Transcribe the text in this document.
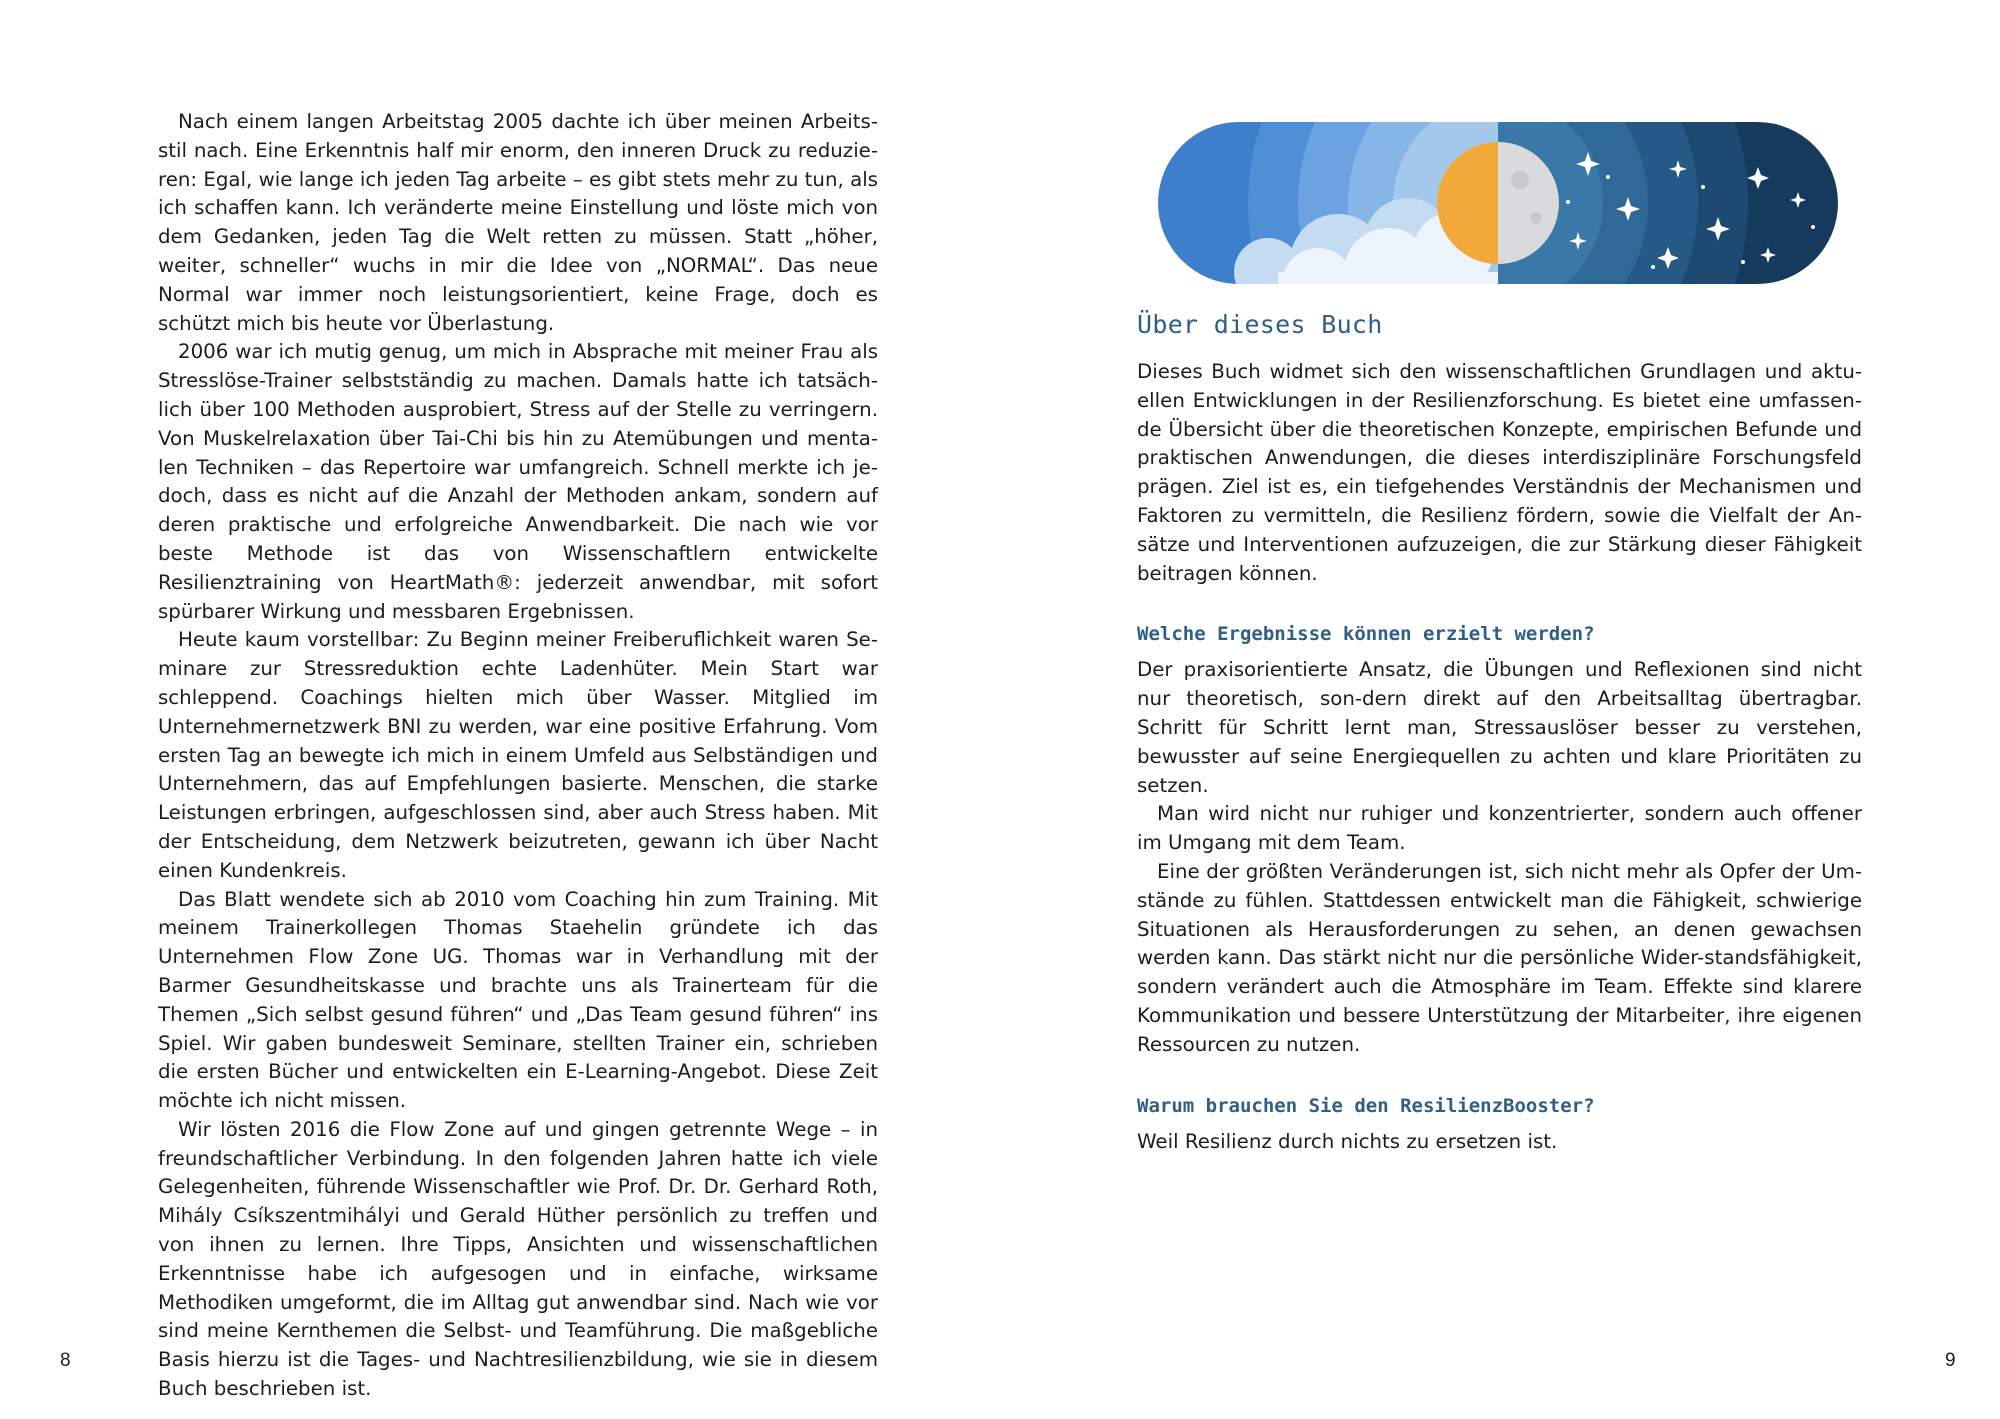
Nach einem langen Arbeitstag 2005 dachte ich über meinen Arbeitsstil nach. Eine Erkenntnis half mir enorm, den inneren Druck zu reduzieren: Egal, wie lange ich jeden Tag arbeite – es gibt stets mehr zu tun, als ich schaffen kann. Ich veränderte meine Einstellung und löste mich von dem Gedanken, jeden Tag die Welt retten zu müssen. Statt „höher, weiter, schneller“ wuchs in mir die Idee von „NORMAL“. Das neue Normal war immer noch leistungsorientiert, keine Frage, doch es schützt mich bis heute vor Überlastung.

2006 war ich mutig genug, um mich in Absprache mit meiner Frau als Stresslöse-Trainer selbstständig zu machen. Damals hatte ich tatsächlich über 100 Methoden ausprobiert, Stress auf der Stelle zu verringern. Von Muskelrelaxation über Tai-Chi bis hin zu Atemübungen und mentalen Techniken – das Repertoire war umfangreich. Schnell merkte ich jedoch, dass es nicht auf die Anzahl der Methoden ankam, sondern auf deren praktische und erfolgreiche Anwendbarkeit. Die nach wie vor beste Methode ist das von Wissenschaftlern entwickelte Resilienztraining von HeartMath®: jederzeit anwendbar, mit sofort spürbarer Wirkung und messbaren Ergebnissen.

Heute kaum vorstellbar: Zu Beginn meiner Freiberuflichkeit waren Seminare zur Stressreduktion echte Ladenhüter. Mein Start war schleppend. Coachings hielten mich über Wasser. Mitglied im Unternehmernetzwerk BNI zu werden, war eine positive Erfahrung. Vom ersten Tag an bewegte ich mich in einem Umfeld aus Selbständigen und Unternehmern, das auf Empfehlungen basierte. Menschen, die starke Leistungen erbringen, aufgeschlossen sind, aber auch Stress haben. Mit der Entscheidung, dem Netzwerk beizutreten, gewann ich über Nacht einen Kundenkreis.

Das Blatt wendete sich ab 2010 vom Coaching hin zum Training. Mit meinem Trainerkollegen Thomas Staehelin gründete ich das Unternehmen Flow Zone UG. Thomas war in Verhandlung mit der Barmer Gesundheitskasse und brachte uns als Trainerteam für die Themen „Sich selbst gesund führen“ und „Das Team gesund führen“ ins Spiel. Wir gaben bundesweit Seminare, stellten Trainer ein, schrieben die ersten Bücher und entwickelten ein E-Learning-Angebot. Diese Zeit möchte ich nicht missen.

Wir lösten 2016 die Flow Zone auf und gingen getrennte Wege – in freundschaftlicher Verbindung. In den folgenden Jahren hatte ich viele Gelegenheiten, führende Wissenschaftler wie Prof. Dr. Dr. Gerhard Roth, Mihály Csíkszentmihályi und Gerald Hüther persönlich zu treffen und von ihnen zu lernen. Ihre Tipps, Ansichten und wissenschaftlichen Erkenntnisse habe ich aufgesogen und in einfache, wirksame Methodiken umgeformt, die im Alltag gut anwendbar sind. Nach wie vor sind meine Kernthemen die Selbst- und Teamführung. Die maßgebliche Basis hierzu ist die Tages- und Nachtresilienzbildung, wie sie in diesem Buch beschrieben ist.

8
Über dieses Buch

Dieses Buch widmet sich den wissenschaftlichen Grundlagen und aktuellen Entwicklungen in der Resilienzforschung. Es bietet eine umfassende Übersicht über die theoretischen Konzepte, empirischen Befunde und praktischen Anwendungen, die dieses interdisziplinäre Forschungsfeld prägen. Ziel ist es, ein tiefgehendes Verständnis der Mechanismen und Faktoren zu vermitteln, die Resilienz fördern, sowie die Vielfalt der Ansätze und Interventionen aufzuzeigen, die zur Stärkung dieser Fähigkeit beitragen können.

Welche Ergebnisse können erzielt werden?

Der praxisorientierte Ansatz, die Übungen und Reflexionen sind nicht nur theoretisch, son-dern direkt auf den Arbeitsalltag übertragbar. Schritt für Schritt lernt man, Stressauslöser besser zu verstehen, bewusster auf seine Energiequellen zu achten und klare Prioritäten zu setzen.

Man wird nicht nur ruhiger und konzentrierter, sondern auch offener im Umgang mit dem Team.

Eine der größten Veränderungen ist, sich nicht mehr als Opfer der Umstände zu fühlen. Stattdessen entwickelt man die Fähigkeit, schwierige Situationen als Herausforderungen zu sehen, an denen gewachsen werden kann. Das stärkt nicht nur die persönliche Wider-standsfähigkeit, sondern verändert auch die Atmosphäre im Team. Effekte sind klarere Kommunikation und bessere Unterstützung der Mitarbeiter, ihre eigenen Ressourcen zu nutzen.

Warum brauchen Sie den ResilienzBooster?

Weil Resilienz durch nichts zu ersetzen ist.

9
